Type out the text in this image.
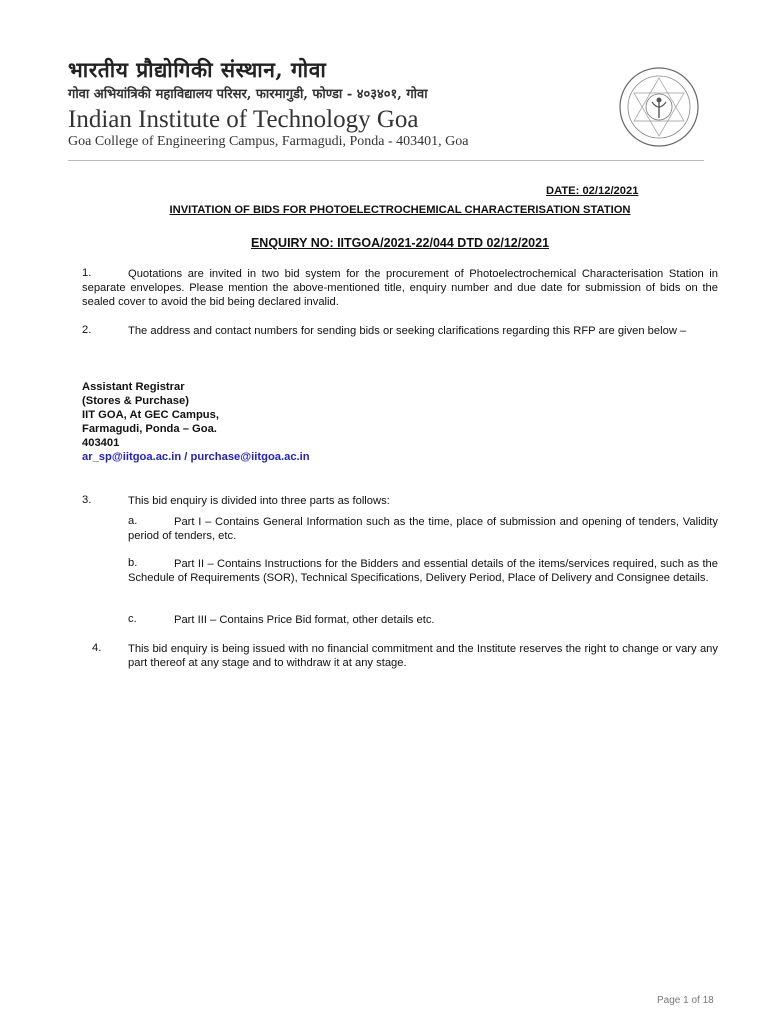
भारतीय प्रौद्योगिकी संस्थान, गोवा
गोवा अभियांत्रिकी महाविद्यालय परिसर, फारमागुडी, फोण्डा - ४०३४०१, गोवा
Indian Institute of Technology Goa
Goa College of Engineering Campus, Farmagudi, Ponda - 403401, Goa
DATE: 02/12/2021
INVITATION OF BIDS FOR PHOTOELECTROCHEMICAL CHARACTERISATION STATION
ENQUIRY NO: IITGOA/2021-22/044 DTD 02/12/2021
1.	Quotations are invited in two bid system for the procurement of Photoelectrochemical Characterisation Station in separate envelopes. Please mention the above-mentioned title, enquiry number and due date for submission of bids on the sealed cover to avoid the bid being declared invalid.
2.	The address and contact numbers for sending bids or seeking clarifications regarding this RFP are given below –
Assistant Registrar
(Stores & Purchase)
IIT GOA, At GEC Campus,
Farmagudi, Ponda – Goa.
403401
ar_sp@iitgoa.ac.in / purchase@iitgoa.ac.in
3.	This bid enquiry is divided into three parts as follows:
a.	Part I – Contains General Information such as the time, place of submission and opening of tenders, Validity period of tenders, etc.
b.	Part II – Contains Instructions for the Bidders and essential details of the items/services required, such as the Schedule of Requirements (SOR), Technical Specifications, Delivery Period, Place of Delivery and Consignee details.
c.	Part III – Contains Price Bid format, other details etc.
4. This bid enquiry is being issued with no financial commitment and the Institute reserves the right to change or vary any part thereof at any stage and to withdraw it at any stage.
Page 1 of 18
